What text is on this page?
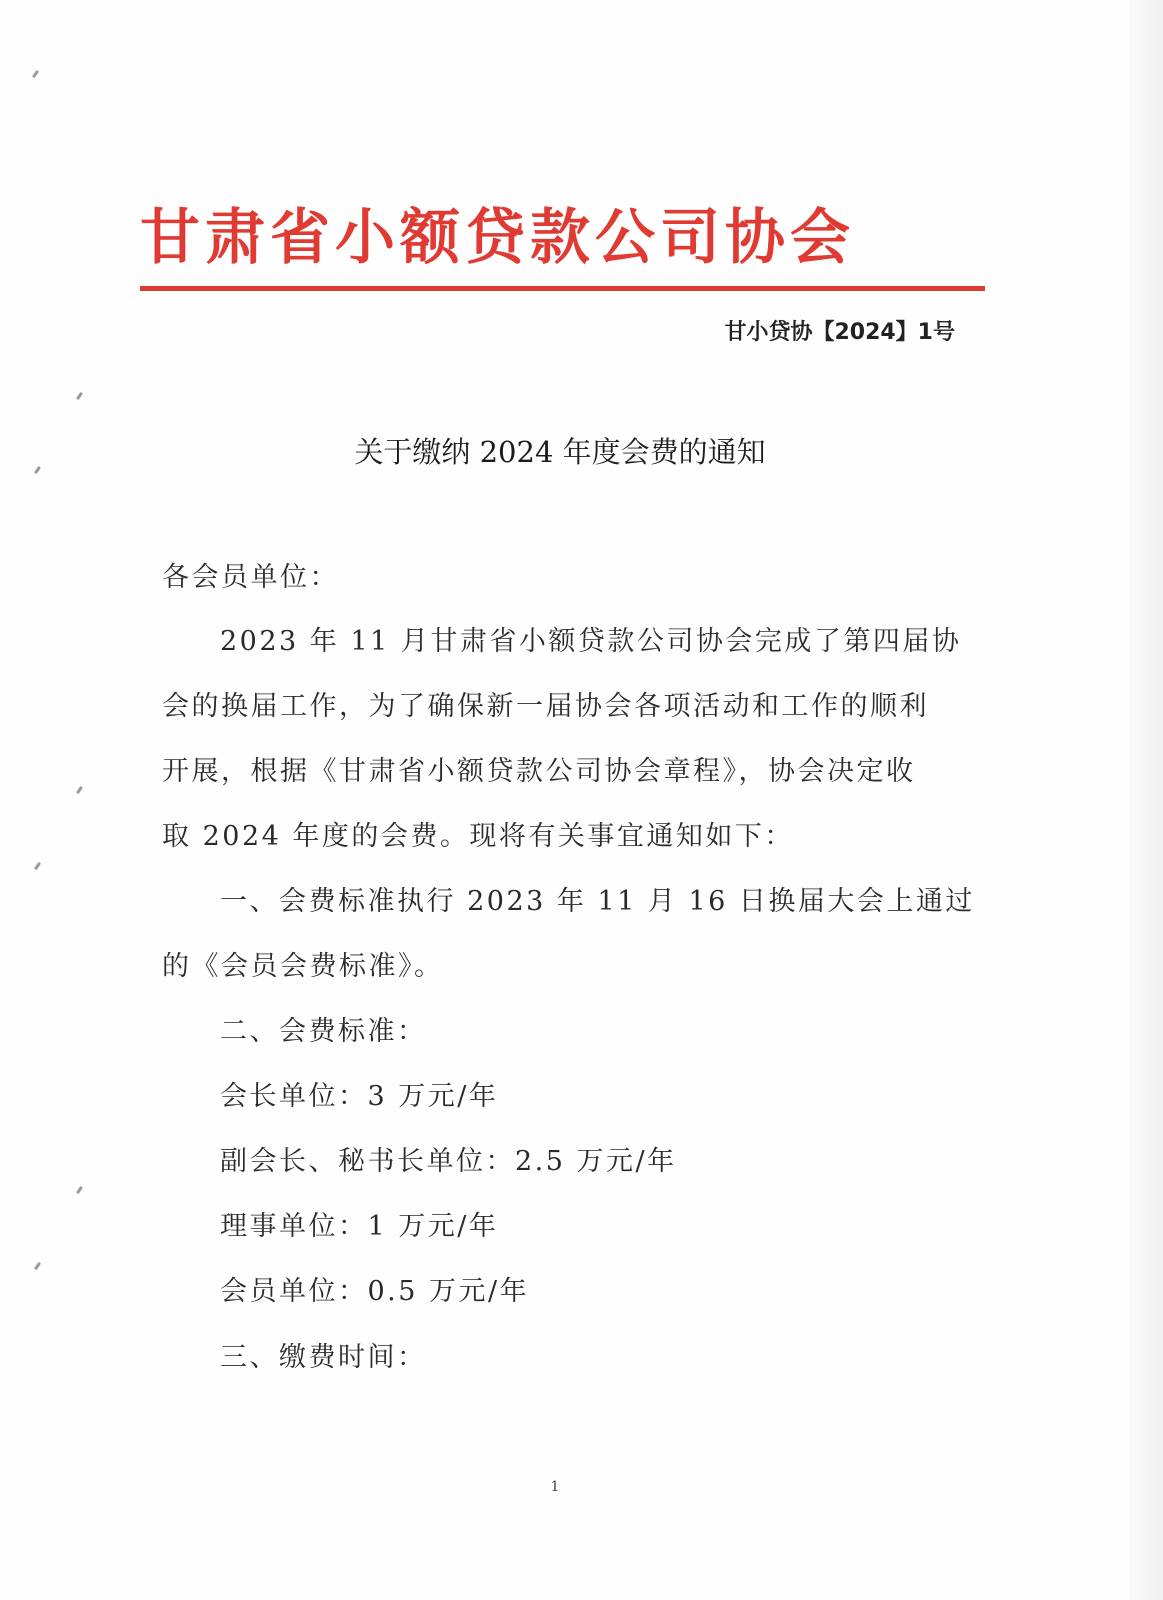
甘肃省小额贷款公司协会
甘小贷协【2024】1号
关于缴纳 2024 年度会费的通知
各会员单位：
2023 年 11 月甘肃省小额贷款公司协会完成了第四届协
会的换届工作，为了确保新一届协会各项活动和工作的顺利
开展，根据《甘肃省小额贷款公司协会章程》，协会决定收
取 2024 年度的会费。现将有关事宜通知如下：
一、会费标准执行 2023 年 11 月 16 日换届大会上通过
的《会员会费标准》。
二、会费标准：
会长单位：3 万元/年
副会长、秘书长单位：2.5 万元/年
理事单位：1 万元/年
会员单位：0.5 万元/年
三、缴费时间：
1
